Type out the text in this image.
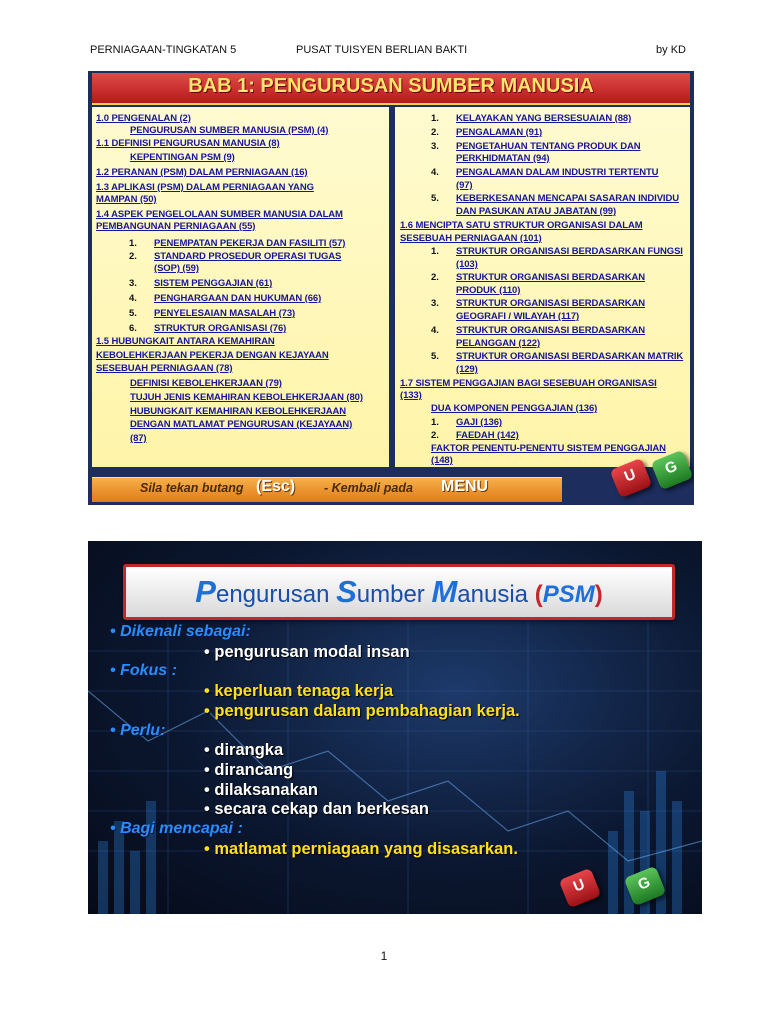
PERNIAGAAN-TINGKATAN 5	PUSAT TUISYEN BERLIAN BAKTI	by KD
BAB 1: PENGURUSAN SUMBER MANUSIA
1.0 PENGENALAN (2)
PENGURUSAN SUMBER MANUSIA (PSM) (4)
1.1 DEFINISI PENGURUSAN MANUSIA (8)
KEPENTINGAN PSM (9)
1.2 PERANAN (PSM) DALAM PERNIAGAAN (16)
1.3 APLIKASI (PSM) DALAM PERNIAGAAN YANG
MAMPAN (50)
1.4 ASPEK PENGELOLAAN SUMBER MANUSIA DALAM
PEMBANGUNAN PERNIAGAAN (55)
1. PENEMPATAN PEKERJA DAN FASILITI (57)
2. STANDARD PROSEDUR OPERASI TUGAS
(SOP) (59)
3. SISTEM PENGGAJIAN (61)
4. PENGHARGAAN DAN HUKUMAN (66)
5. PENYELESAIAN MASALAH (73)
6. STRUKTUR ORGANISASI (76)
1.5 HUBUNGKAIT ANTARA KEMAHIRAN
KEBOLEHKERJAAN PEKERJA DENGAN KEJAYAAN
SESEBUAH PERNIAGAAN (78)
DEFINISI KEBOLEHKERJAAN (79)
TUJUH JENIS KEMAHIRAN KEBOLEHKERJAAN (80)
HUBUNGKAIT KEMAHIRAN KEBOLEHKERJAAN
DENGAN MATLAMAT PENGURUSAN (KEJAYAAN)
(87)
1. KELAYAKAN YANG BERSESUAIAN (88)
2. PENGALAMAN (91)
3. PENGETAHUAN TENTANG PRODUK DAN
PERKHIDMATAN (94)
4. PENGALAMAN DALAM INDUSTRI TERTENTU
(97)
5. KEBERKESANAN MENCAPAI SASARAN INDIVIDU
DAN PASUKAN ATAU JABATAN (99)
1.6 MENCIPTA SATU STRUKTUR ORGANISASI DALAM
SESEBUAH PERNIAGAAN (101)
1. STRUKTUR ORGANISASI BERDASARKAN FUNGSI
(103)
2. STRUKTUR ORGANISASI BERDASARKAN
PRODUK (110)
3. STRUKTUR ORGANISASI BERDASARKAN
GEOGRAFI / WILAYAH (117)
4. STRUKTUR ORGANISASI BERDASARKAN
PELANGGAN (122)
5. STRUKTUR ORGANISASI BERDASARKAN MATRIK
(129)
1.7 SISTEM PENGGAJIAN BAGI SESEBUAH ORGANISASI
(133)
DUA KOMPONEN PENGGAJIAN (136)
1. GAJI (136)
2. FAEDAH (142)
FAKTOR PENENTU-PENENTU SISTEM PENGGAJIAN
(148)
Sila tekan butang (Esc) - Kembali pada MENU
U	G
Pengurusan Sumber Manusia (PSM)
• Dikenali sebagai:
• pengurusan modal insan
• Fokus :
• keperluan tenaga kerja
• pengurusan dalam pembahagian kerja.
• Perlu:
• dirangka
• dirancang
• dilaksanakan
• secara cekap dan berkesan
• Bagi mencapai :
• matlamat perniagaan yang disasarkan.
U	G
1
